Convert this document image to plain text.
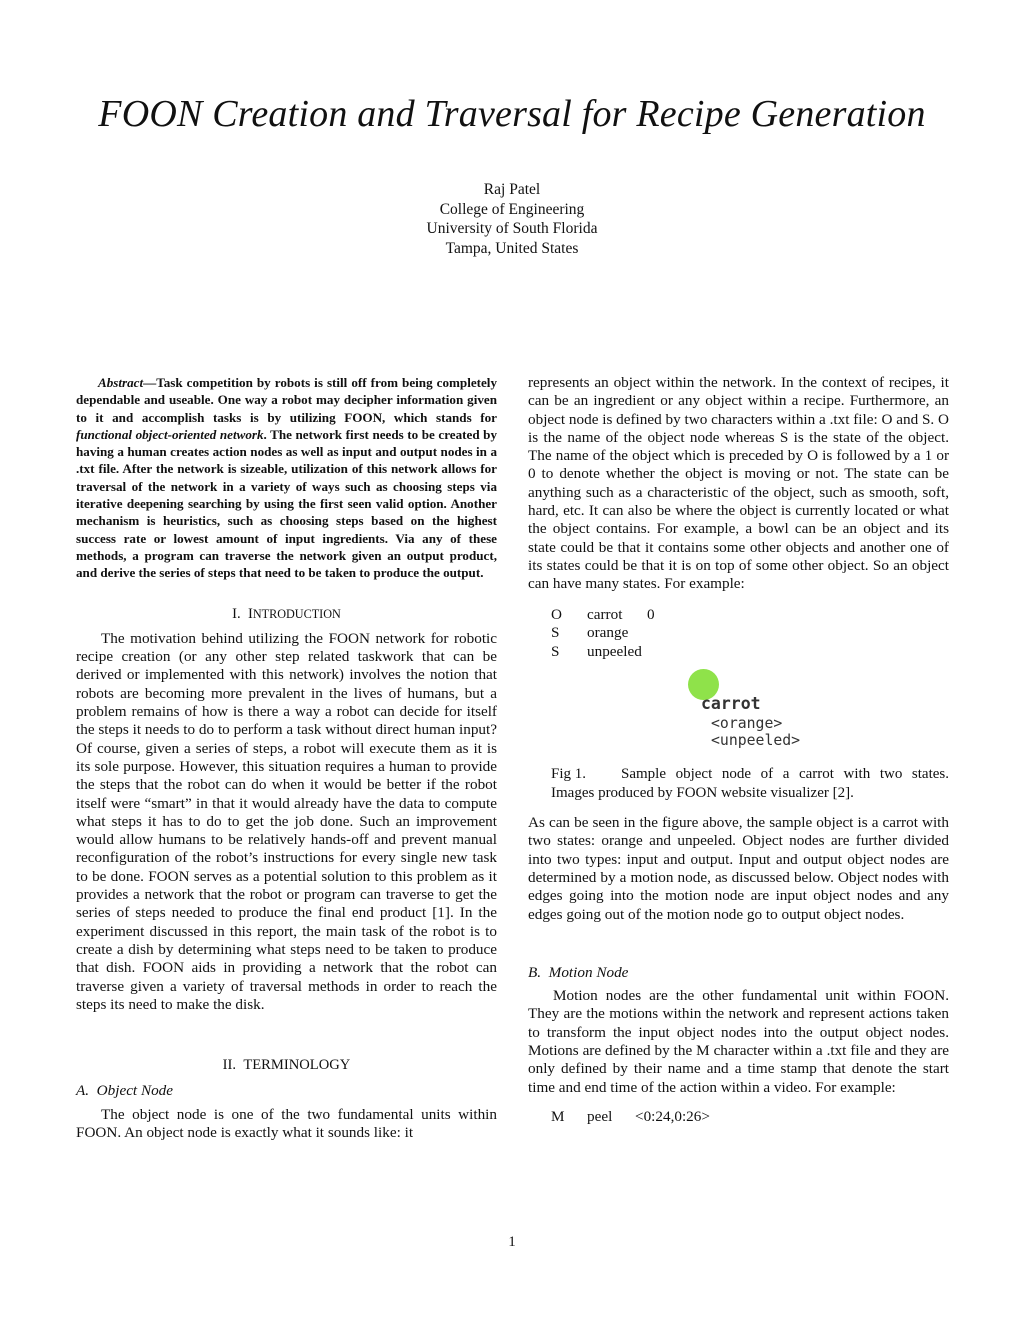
FOON Creation and Traversal for Recipe Generation
Raj Patel
College of Engineering
University of South Florida
Tampa, United States

Abstract—Task competition by robots is still off from being completely dependable and useable. One way a robot may decipher information given to it and accomplish tasks is by utilizing FOON, which stands for functional object-oriented network. The network first needs to be created by having a human creates action nodes as well as input and output nodes in a .txt file. After the network is sizeable, utilization of this network allows for traversal of the network in a variety of ways such as choosing steps via iterative deepening searching by using the first seen valid option. Another mechanism is heuristics, such as choosing steps based on the highest success rate or lowest amount of input ingredients. Via any of these methods, a program can traverse the network given an output product, and derive the series of steps that need to be taken to produce the output.

I. INTRODUCTION

The motivation behind utilizing the FOON network for robotic recipe creation (or any other step related taskwork that can be derived or implemented with this network) involves the notion that robots are becoming more prevalent in the lives of humans, but a problem remains of how is there a way a robot can decide for itself the steps it needs to do to perform a task without direct human input? Of course, given a series of steps, a robot will execute them as it is its sole purpose. However, this situation requires a human to provide the steps that the robot can do when it would be better if the robot itself were “smart” in that it would already have the data to compute what steps it has to do to get the job done. Such an improvement would allow humans to be relatively hands-off and prevent manual reconfiguration of the robot’s instructions for every single new task to be done. FOON serves as a potential solution to this problem as it provides a network that the robot or program can traverse to get the series of steps needed to produce the final end product [1]. In the experiment discussed in this report, the main task of the robot is to create a dish by determining what steps need to be taken to produce that dish. FOON aids in providing a network that the robot can traverse given a variety of traversal methods in order to reach the steps its need to make the disk.

II. TERMINOLOGY
A. Object Node

The object node is one of the two fundamental units within FOON. An object node is exactly what it sounds like: it

represents an object within the network. In the context of recipes, it can be an ingredient or any object within a recipe. Furthermore, an object node is defined by two characters within a .txt file: O and S. O is the name of the object node whereas S is the state of the object. The name of the object which is preceded by O is followed by a 1 or 0 to denote whether the object is moving or not. The state can be anything such as a characteristic of the object, such as smooth, soft, hard, etc. It can also be where the object is currently located or what the object contains. For example, a bowl can be an object and its state could be that it contains some other objects and another one of its states could be that it is on top of some other object. So an object can have many states. For example:

O	carrot	0
S	orange	
S	unpeeled	
carrot
<orange>
<unpeeled>

Fig 1. Sample object node of a carrot with two states. Images produced by FOON website visualizer [2].

As can be seen in the figure above, the sample object is a carrot with two states: orange and unpeeled. Object nodes are further divided into two types: input and output. Input and output object nodes are determined by a motion node, as discussed below. Object nodes with edges going into the motion node are input object nodes and any edges going out of the motion node go to output object nodes.

B. Motion Node

Motion nodes are the other fundamental unit within FOON. They are the motions within the network and represent actions taken to transform the input object nodes into the output object nodes. Motions are defined by the M character within a .txt file and they are only defined by their name and a time stamp that denote the start time and end time of the action within a video. For example:

M peel <0:24,0:26>
1
